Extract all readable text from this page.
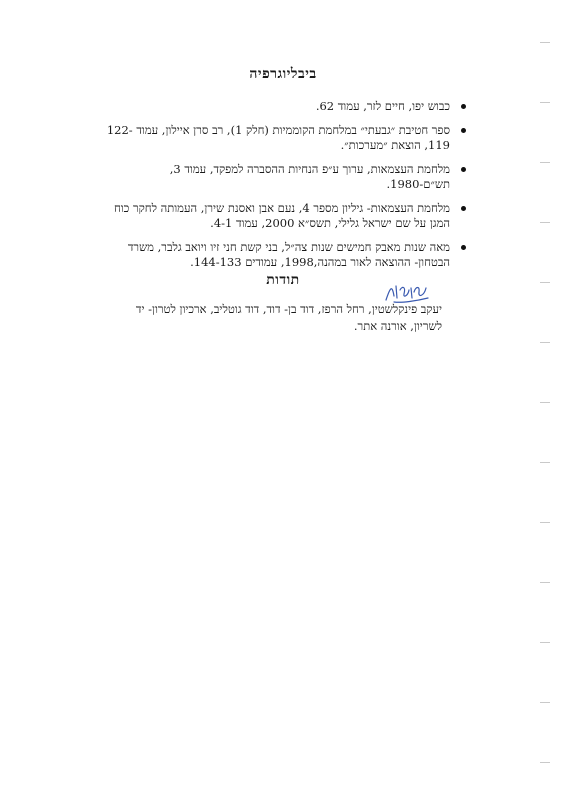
ביבליוגרפיה
כבוש יפו, חיים לזר, עמוד 62.
ספר חטיבת ״גבעתי״ במלחמת הקוממיות (חלק 1), רב סרן איילון, עמוד 122-119, הוצאת ״מערכות״.
מלחמת העצמאות, ערוך ע״פ הנחיות ההסברה למפקד, עמוד 3, תש״ם-1980.
מלחמת העצמאות- גיליון מספר 4, נעם אבן ואסנת שירן, העמותה לחקר כוח המגן על שם ישראל גלילי, תשס״א 2000, עמוד 4-1.
מאה שנות מאבק חמישים שנות צה״ל, בני קשת חני זיו ויואב גלבר, משרד הבטחון- ההוצאה לאור במהנה,1998, עמודים 144-133.
תודות

יעקב פינקלשטין, רחל הרפז, דוד בן- דוד, דוד גוטליב, ארכיון לטרון- יד לשריון, אורנה אתר.
